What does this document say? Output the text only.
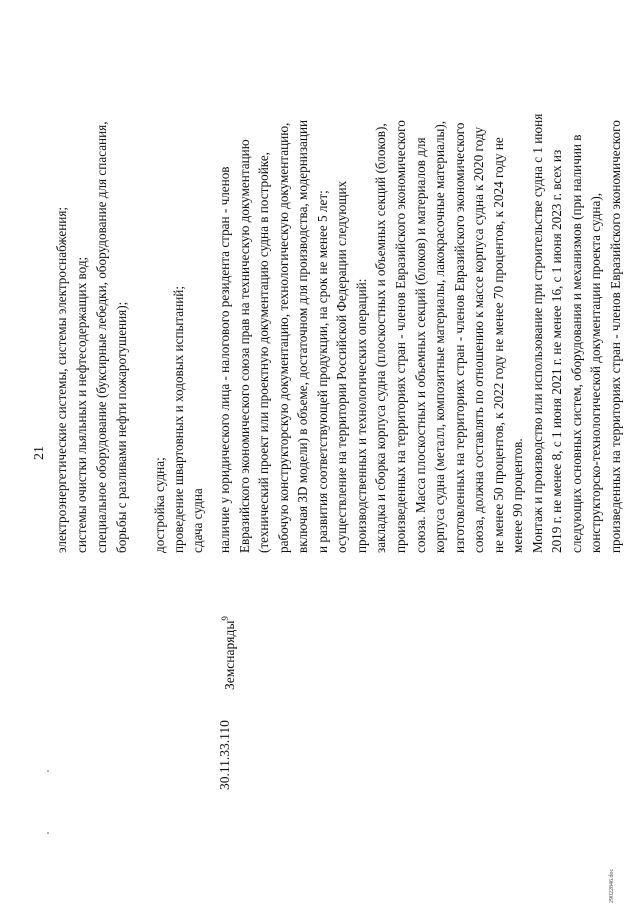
21 электроэнергетические системы, системы электроснабжения; системы очистки льяльных и нефтесодержащих вод; специальное оборудование (буксирные лебедки, оборудование для спасания, борьбы с разливами нефти пожаротушения); достройка судна; проведение швартовных и ходовых испытаний; сдача судна
30.11.33.110
Земснаряды$^9$
наличие у юридического лица - налогового резидента стран - членов Евразийского экономического союза прав на техническую документацию (технический проект или проектную документацию судна в постройке, рабочую конструкторскую документацию, технологическую документацию, включая 3D модели) в объеме, достаточном для производства, модернизации и развития соответствующей продукции, на срок не менее 5 лет; осуществление на территории Российской Федерации следующих производственных и технологических операций: закладка и сборка корпуса судна (плоскостных и объемных секций (блоков), произведенных на территориях стран - членов Евразийского экономического союза. Масса плоскостных и объемных секций (блоков) и материалов для корпуса судна (металл, композитные материалы, лакокрасочные материалы), изготовленных на территориях стран - членов Евразийского экономического союза, должна составлять по отношению к массе корпуса судна к 2020 году не менее 50 процентов, к 2022 году не менее 70 процентов, к 2024 году не менее 90 процентов. Монтаж и производство или использование при строительстве судна с 1 июня 2019 г. не менее 8, с 1 июня 2021 г. не менее 16, с 1 июня 2023 г. всех из следующих основных систем, оборудования и механизмов (при наличии в конструкторско-технологической документации проекта судна), произведенных на территориях стран - членов Евразийского экономического
29022846.doc
